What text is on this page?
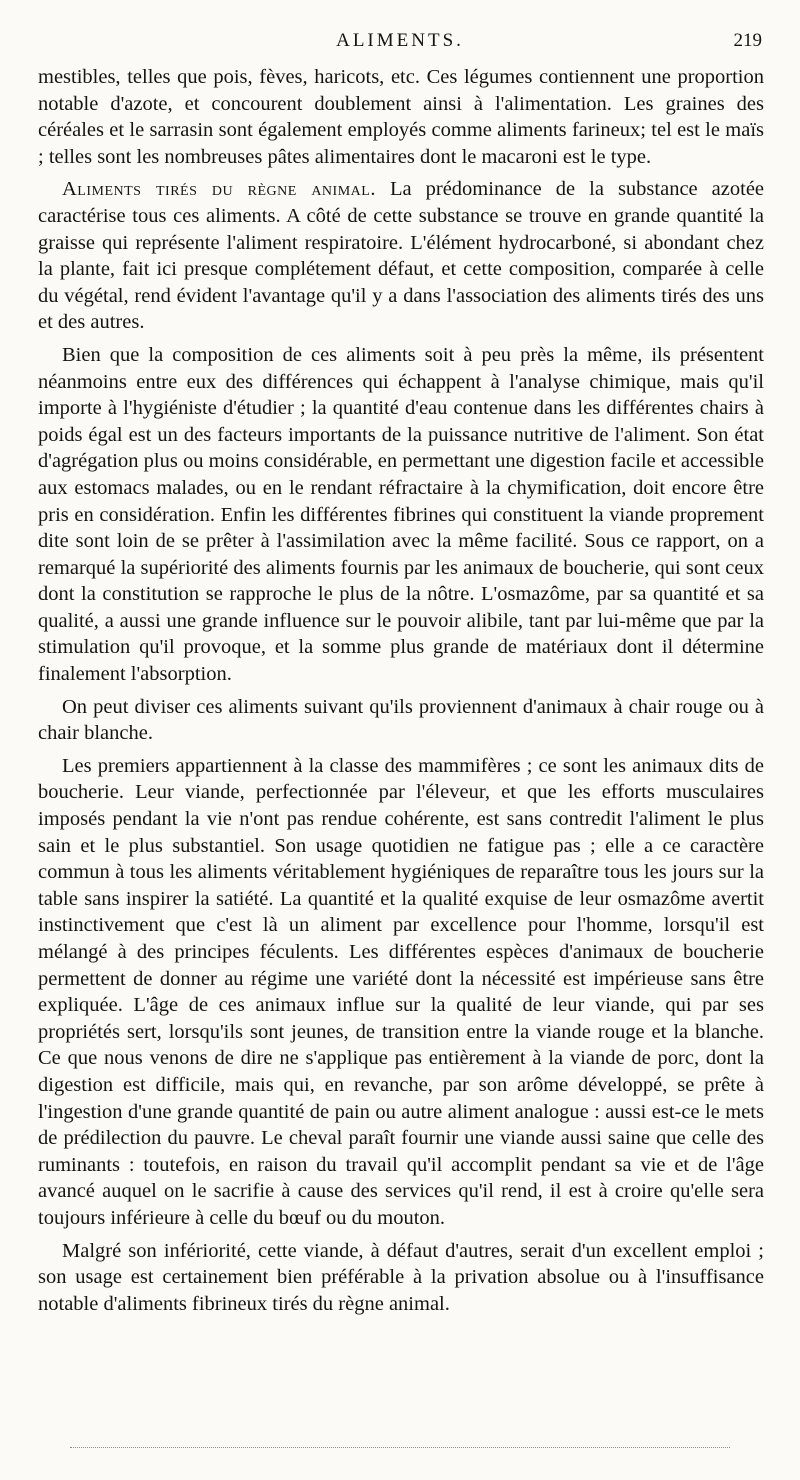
ALIMENTS.	219

mestibles, telles que pois, fèves, haricots, etc. Ces légumes contiennent une proportion notable d'azote, et concourent doublement ainsi à l'alimentation. Les graines des céréales et le sarrasin sont également employés comme aliments farineux; tel est le maïs ; telles sont les nombreuses pâtes alimentaires dont le macaroni est le type.

Aliments tirés du règne animal. La prédominance de la substance azotée caractérise tous ces aliments. A côté de cette substance se trouve en grande quantité la graisse qui représente l'aliment respiratoire. L'élément hydrocarboné, si abondant chez la plante, fait ici presque complétement défaut, et cette composition, comparée à celle du végétal, rend évident l'avantage qu'il y a dans l'association des aliments tirés des uns et des autres.

Bien que la composition de ces aliments soit à peu près la même, ils présentent néanmoins entre eux des différences qui échappent à l'analyse chimique, mais qu'il importe à l'hygiéniste d'étudier ; la quantité d'eau contenue dans les différentes chairs à poids égal est un des facteurs importants de la puissance nutritive de l'aliment. Son état d'agrégation plus ou moins considérable, en permettant une digestion facile et accessible aux estomacs malades, ou en le rendant réfractaire à la chymification, doit encore être pris en considération. Enfin les différentes fibrines qui constituent la viande proprement dite sont loin de se prêter à l'assimilation avec la même facilité. Sous ce rapport, on a remarqué la supériorité des aliments fournis par les animaux de boucherie, qui sont ceux dont la constitution se rapproche le plus de la nôtre. L'osmazôme, par sa quantité et sa qualité, a aussi une grande influence sur le pouvoir alibile, tant par lui-même que par la stimulation qu'il provoque, et la somme plus grande de matériaux dont il détermine finalement l'absorption.

On peut diviser ces aliments suivant qu'ils proviennent d'animaux à chair rouge ou à chair blanche.

Les premiers appartiennent à la classe des mammifères ; ce sont les animaux dits de boucherie. Leur viande, perfectionnée par l'éleveur, et que les efforts musculaires imposés pendant la vie n'ont pas rendue cohérente, est sans contredit l'aliment le plus sain et le plus substantiel. Son usage quotidien ne fatigue pas ; elle a ce caractère commun à tous les aliments véritablement hygiéniques de reparaître tous les jours sur la table sans inspirer la satiété. La quantité et la qualité exquise de leur osmazôme avertit instinctivement que c'est là un aliment par excellence pour l'homme, lorsqu'il est mélangé à des principes féculents. Les différentes espèces d'animaux de boucherie permettent de donner au régime une variété dont la nécessité est impérieuse sans être expliquée. L'âge de ces animaux influe sur la qualité de leur viande, qui par ses propriétés sert, lorsqu'ils sont jeunes, de transition entre la viande rouge et la blanche. Ce que nous venons de dire ne s'applique pas entièrement à la viande de porc, dont la digestion est difficile, mais qui, en revanche, par son arôme développé, se prête à l'ingestion d'une grande quantité de pain ou autre aliment analogue : aussi est-ce le mets de prédilection du pauvre. Le cheval paraît fournir une viande aussi saine que celle des ruminants : toutefois, en raison du travail qu'il accomplit pendant sa vie et de l'âge avancé auquel on le sacrifie à cause des services qu'il rend, il est à croire qu'elle sera toujours inférieure à celle du bœuf ou du mouton.

Malgré son infériorité, cette viande, à défaut d'autres, serait d'un excellent emploi ; son usage est certainement bien préférable à la privation absolue ou à l'insuffisance notable d'aliments fibrineux tirés du règne animal.
